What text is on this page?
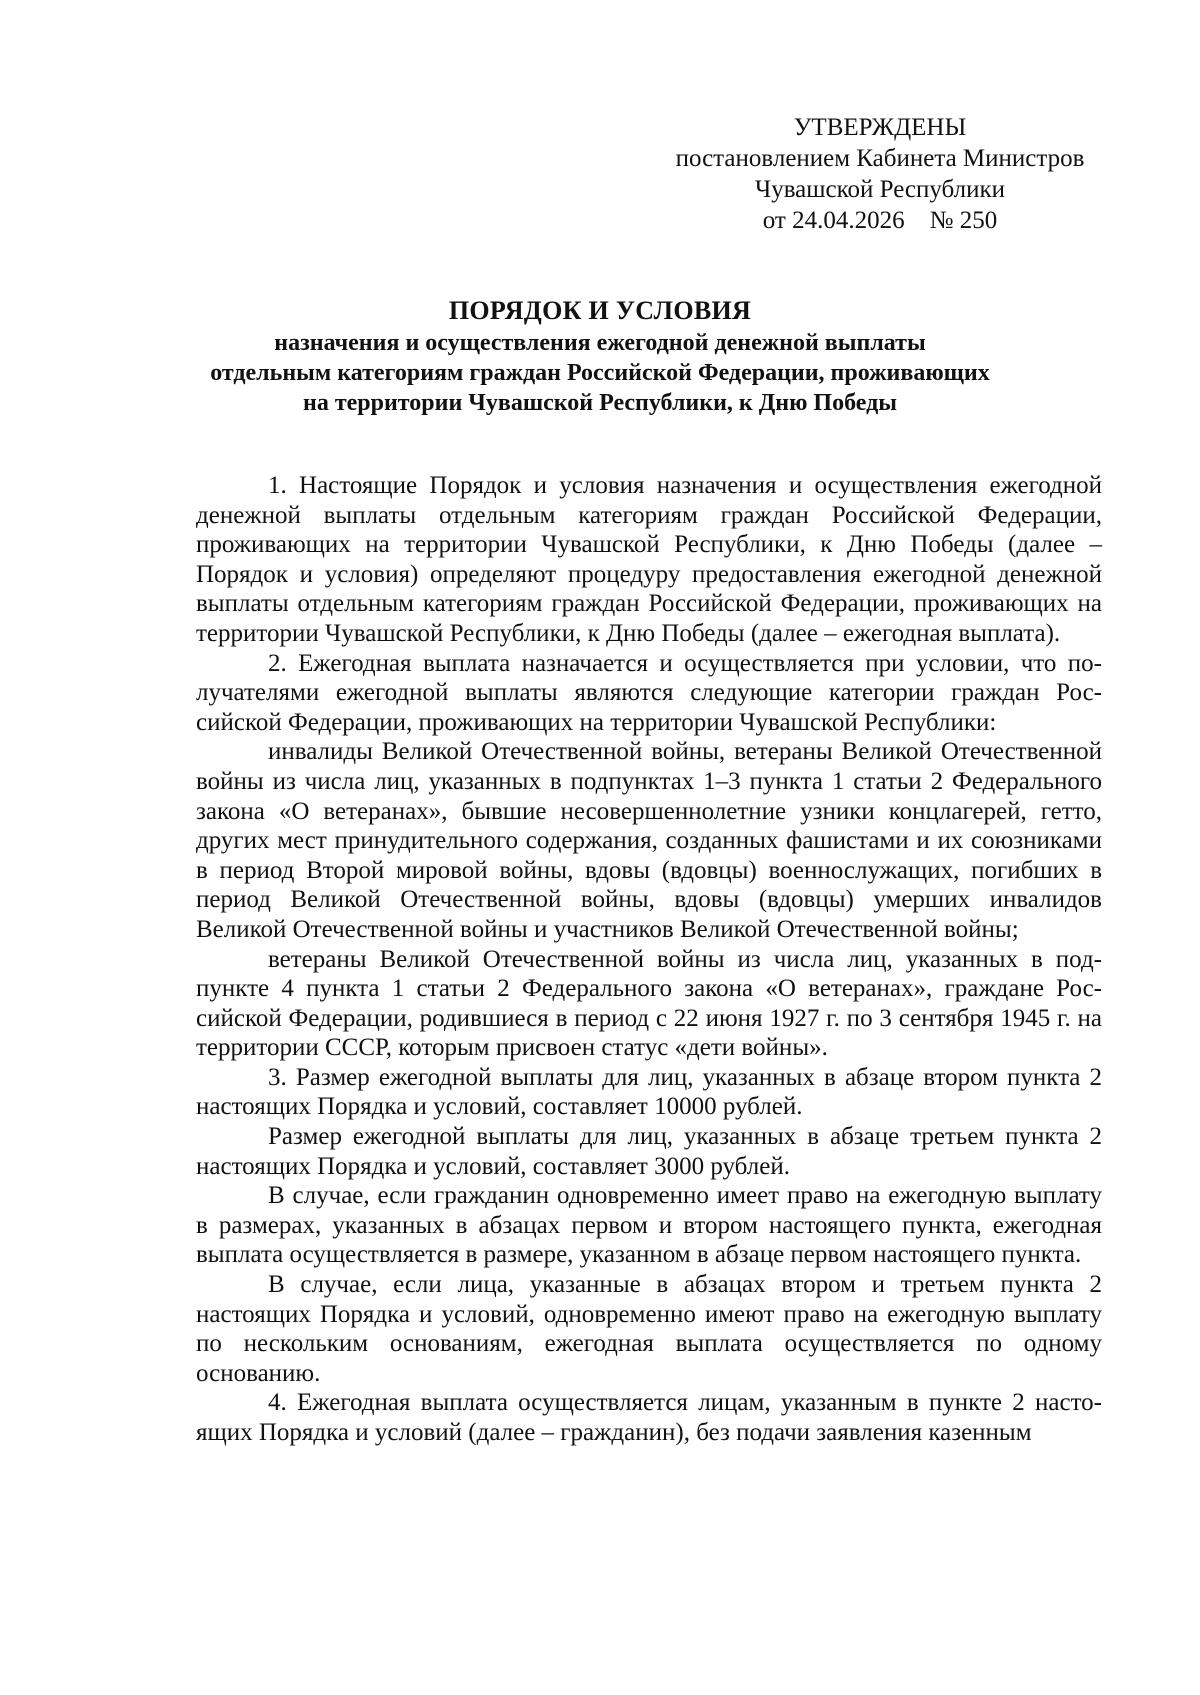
УТВЕРЖДЕНЫ
постановлением Кабинета Министров
Чувашской Республики
от 24.04.2026    № 250
ПОРЯДОК И УСЛОВИЯ
назначения и осуществления ежегодной денежной выплаты
отдельным категориям граждан Российской Федерации, проживающих
на территории Чувашской Республики, к Дню Победы

1. Настоящие Порядок и условия назначения и осуществления ежегодной денежной выплаты отдельным категориям граждан Российской Федерации, проживающих на территории Чувашской Республики, к Дню Победы (далее – Порядок и условия) определяют процедуру предоставления ежегодной денежной выплаты отдельным категориям граждан Российской Федерации, проживающих на территории Чувашской Республики, к Дню Победы (далее – ежегодная выплата).

2. Ежегодная выплата назначается и осуществляется при условии, что получателями ежегодной выплаты являются следующие категории граждан Российской Федерации, проживающих на территории Чувашской Республики:

инвалиды Великой Отечественной войны, ветераны Великой Отечественной войны из числа лиц, указанных в подпунктах 1–3 пункта 1 статьи 2 Федерального закона «О ветеранах», бывшие несовершеннолетние узники концлагерей, гетто, других мест принудительного содержания, созданных фашистами и их союзниками в период Второй мировой войны, вдовы (вдовцы) военнослужащих, погибших в период Великой Отечественной войны, вдовы (вдовцы) умерших инвалидов Великой Отечественной войны и участников Великой Отечественной войны;

ветераны Великой Отечественной войны из числа лиц, указанных в подпункте 4 пункта 1 статьи 2 Федерального закона «О ветеранах», граждане Российской Федерации, родившиеся в период с 22 июня 1927 г. по 3 сентября 1945 г. на территории СССР, которым присвоен статус «дети войны».

3. Размер ежегодной выплаты для лиц, указанных в абзаце втором пункта 2 настоящих Порядка и условий, составляет 10000 рублей.

Размер ежегодной выплаты для лиц, указанных в абзаце третьем пункта 2 настоящих Порядка и условий, составляет 3000 рублей.

В случае, если гражданин одновременно имеет право на ежегодную выплату в размерах, указанных в абзацах первом и втором настоящего пункта, ежегодная выплата осуществляется в размере, указанном в абзаце первом настоящего пункта.

В случае, если лица, указанные в абзацах втором и третьем пункта 2 настоящих Порядка и условий, одновременно имеют право на ежегодную выплату по нескольким основаниям, ежегодная выплата осуществляется по одному основанию.

4. Ежегодная выплата осуществляется лицам, указанным в пункте 2 настоящих Порядка и условий (далее – гражданин), без подачи заявления казенным
